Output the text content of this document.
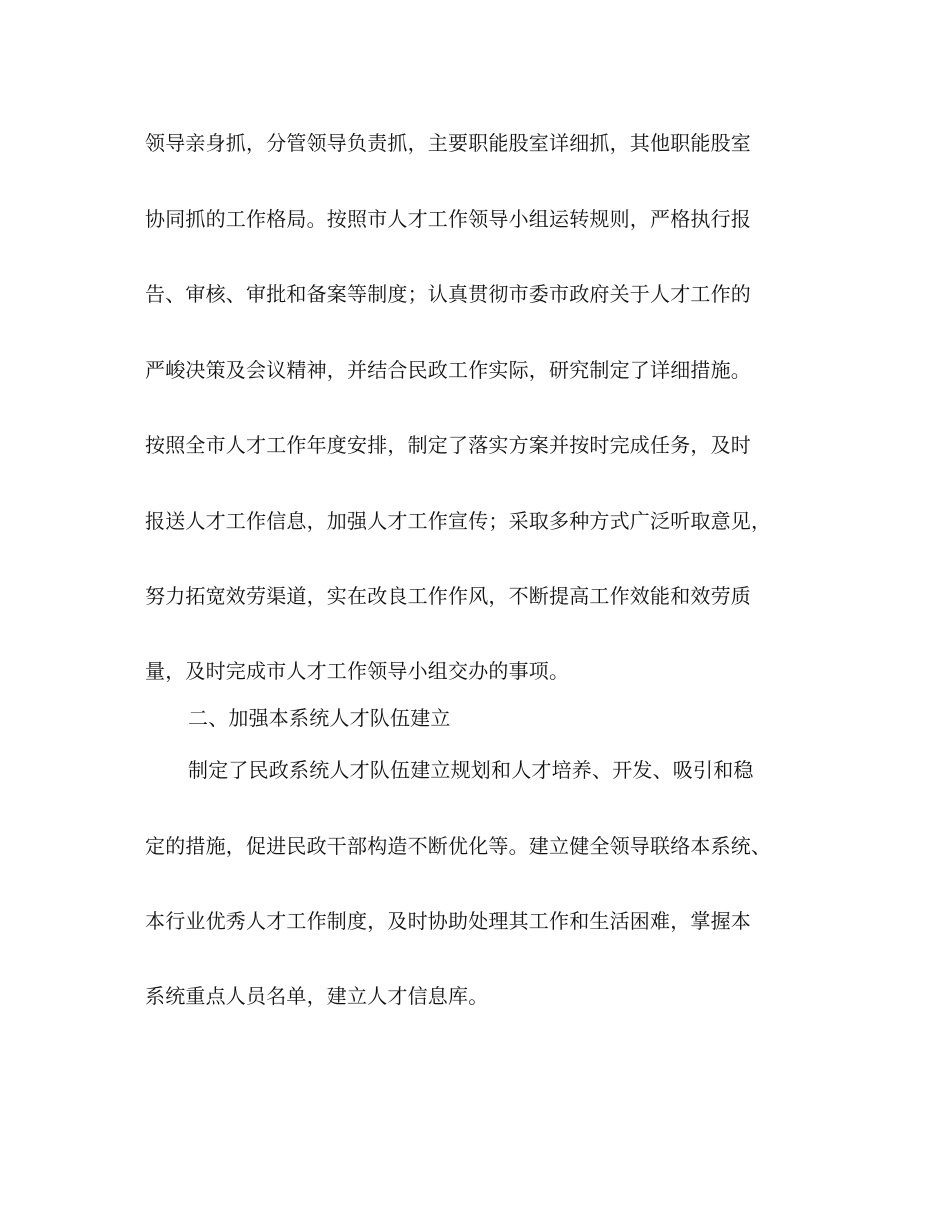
领导亲身抓，分管领导负责抓，主要职能股室详细抓，其他职能股室
协同抓的工作格局。按照市人才工作领导小组运转规则，严格执行报
告、审核、审批和备案等制度；认真贯彻市委市政府关于人才工作的
严峻决策及会议精神，并结合民政工作实际，研究制定了详细措施。
按照全市人才工作年度安排，制定了落实方案并按时完成任务，及时
报送人才工作信息，加强人才工作宣传；采取多种方式广泛听取意见，
努力拓宽效劳渠道，实在改良工作作风，不断提高工作效能和效劳质
量，及时完成市人才工作领导小组交办的事项。
二、加强本系统人才队伍建立
制定了民政系统人才队伍建立规划和人才培养、开发、吸引和稳
定的措施，促进民政干部构造不断优化等。建立健全领导联络本系统、
本行业优秀人才工作制度，及时协助处理其工作和生活困难，掌握本
系统重点人员名单，建立人才信息库。
